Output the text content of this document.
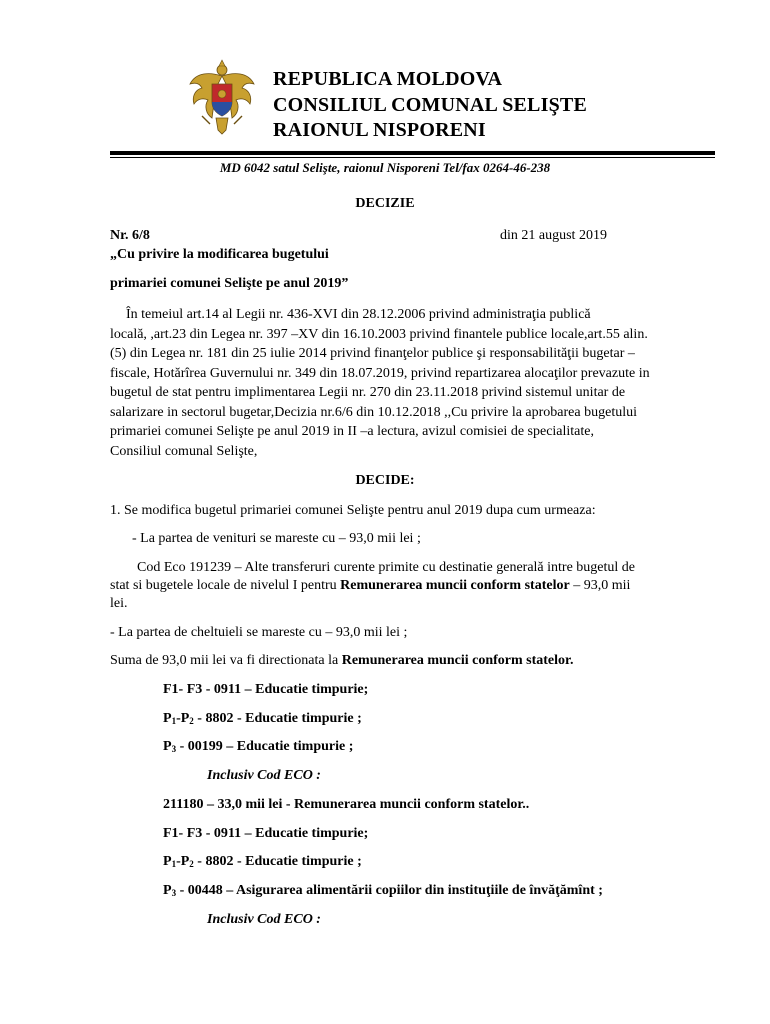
REPUBLICA MOLDOVA
CONSILIUL COMUNAL SELIŞTE
RAIONUL NISPORENI
MD 6042 satul Selişte, raionul Nisporeni Tel/fax 0264-46-238
DECIZIE
Nr. 6/8	din 21 august 2019
„Cu privire la modificarea bugetului
primariei comunei Selişte pe anul 2019”

În temeiul art.14 al Legii nr. 436-XVI din 28.12.2006 privind administraţia publică

locală, ,art.23 din Legea nr. 397 –XV din 16.10.2003 privind finantele publice locale,art.55 alin.

(5) din Legea nr. 181 din 25 iulie 2014 privind finanţelor publice şi responsabilităţii bugetar –

fiscale, Hotărîrea Guvernului nr. 349 din 18.07.2019, privind repartizarea alocaţilor prevazute in

bugetul de stat pentru implimentarea Legii nr. 270 din 23.11.2018 privind sistemul unitar de

salarizare in sectorul bugetar,Decizia nr.6/6 din 10.12.2018 ,,Cu privire la aprobarea bugetului

primariei comunei Selişte pe anul 2019 in II –a lectura, avizul comisiei de specialitate,

Consiliul comunal Selişte,

DECIDE:
1. Se modifica bugetul primariei comunei Selişte pentru anul 2019 dupa cum urmeaza:
- La partea de venituri se mareste cu – 93,0 mii lei ;
Cod Eco 191239 – Alte transferuri curente primite cu destinatie generală intre bugetul de
stat si bugetele locale de nivelul I pentru Remunerarea muncii conform statelor – 93,0 mii
lei.
- La partea de cheltuieli se mareste cu – 93,0 mii lei ;
Suma de 93,0 mii lei va fi directionata la Remunerarea muncii conform statelor.
F1- F3 - 0911 – Educatie timpurie;
$P_1-P_2 - 8802$ - Educatie timpurie ;
$P_3 - 00199$ – Educatie timpurie ;
Inclusiv Cod ECO :
211180 – 33,0 mii lei - Remunerarea muncii conform statelor..
F1- F3 - 0911 – Educatie timpurie;
$P_1-P_2 - 8802$ - Educatie timpurie ;
$P_3 - 00448$ – Asigurarea alimentării copiilor din instituţiile de învăţămînt ;
Inclusiv Cod ECO :
